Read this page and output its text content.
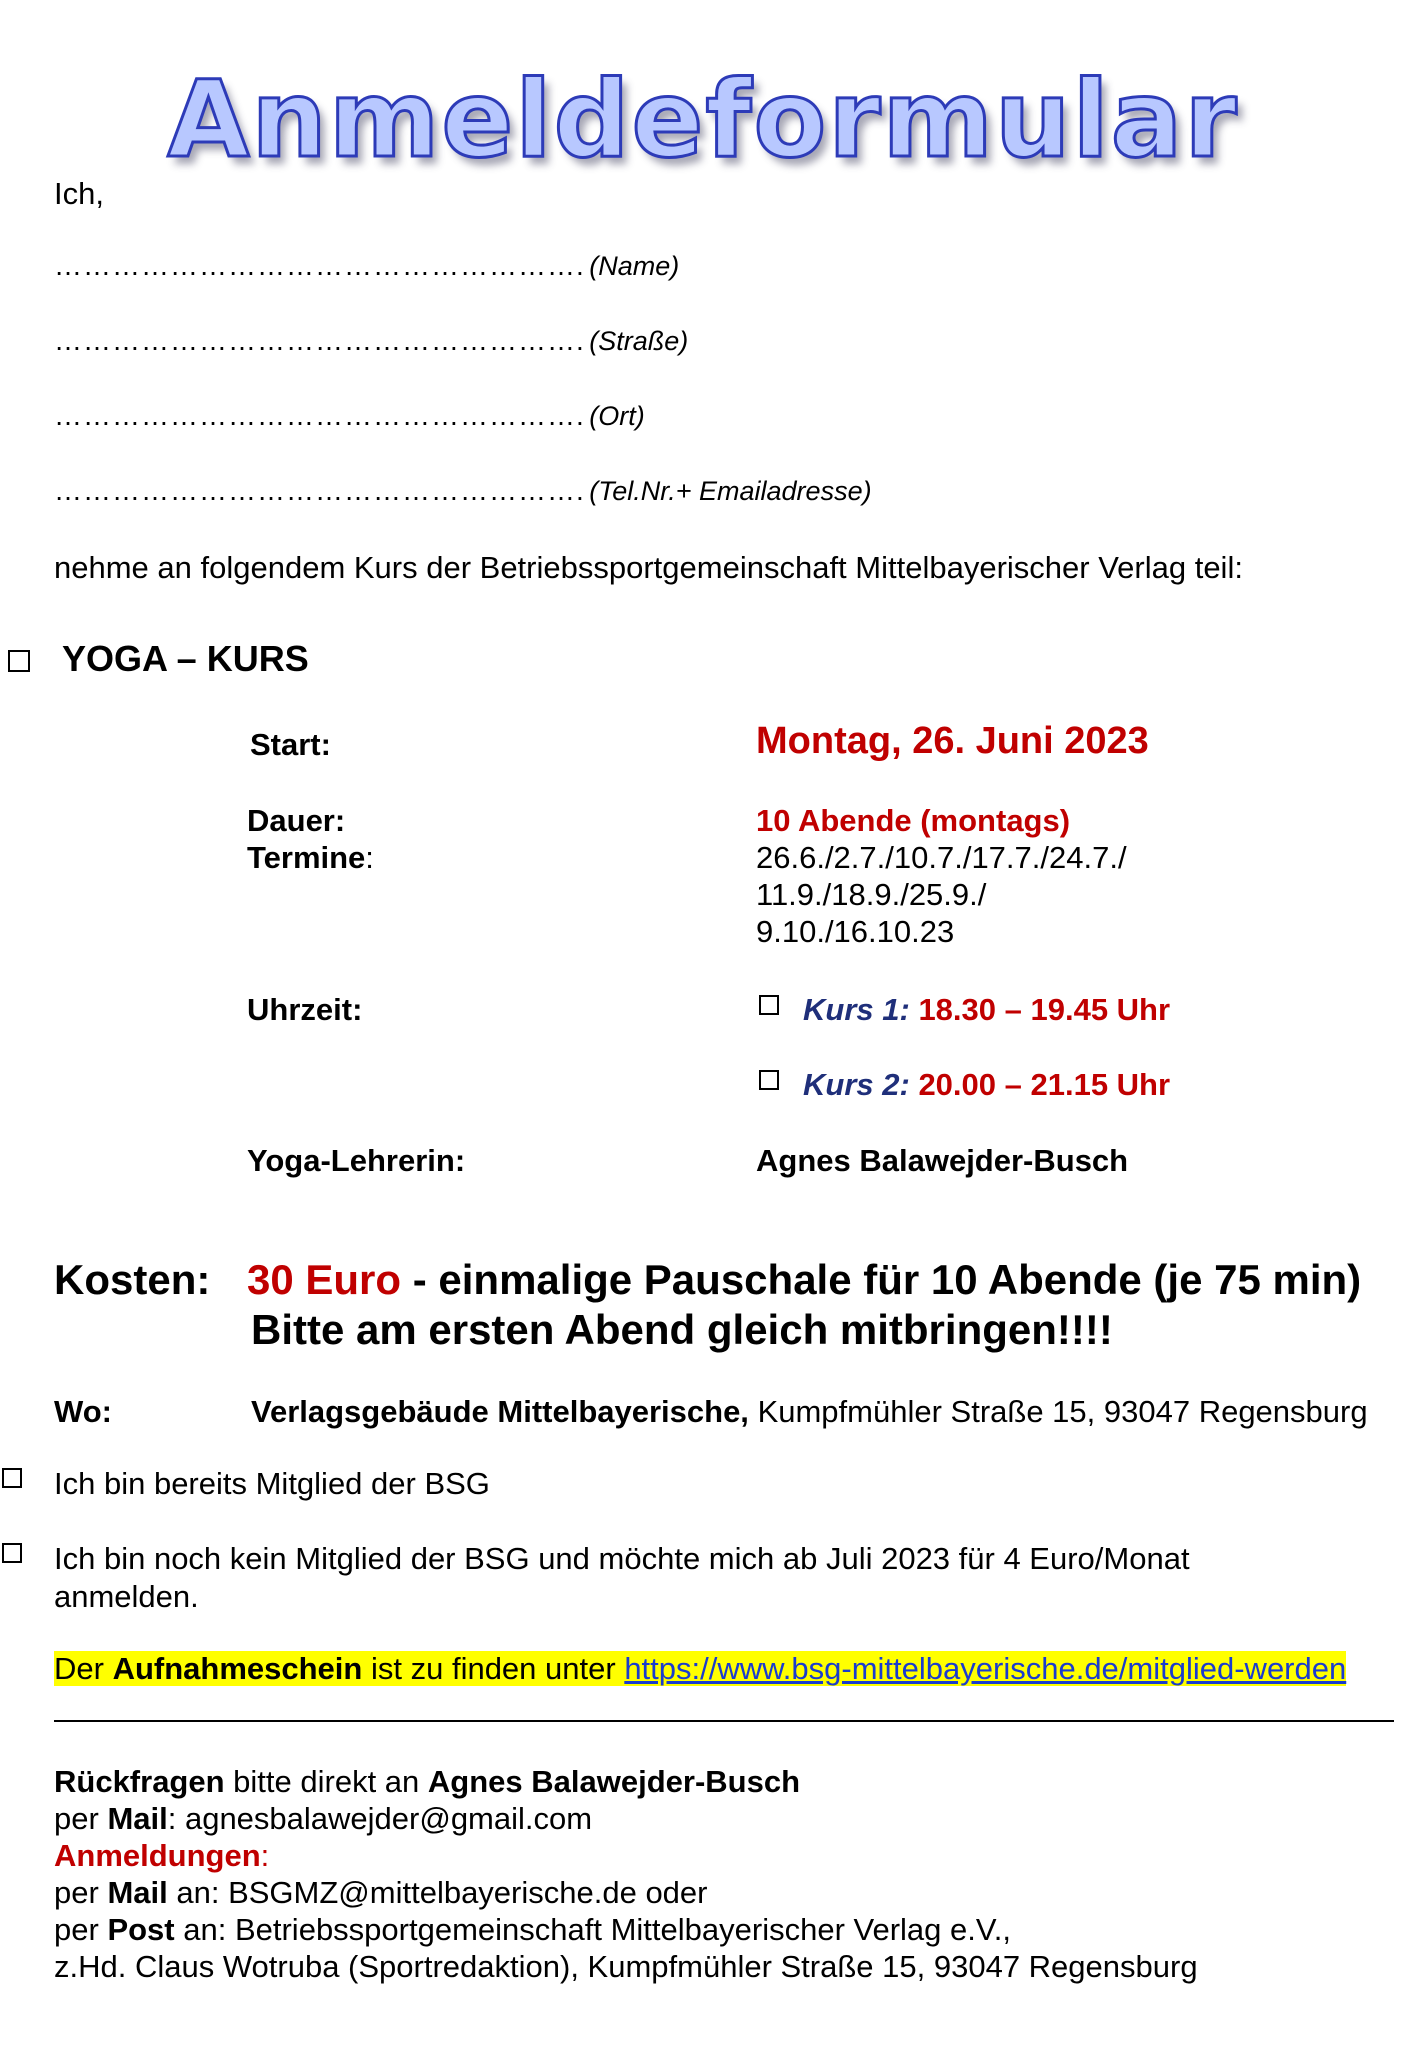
Anmeldeformular
Ich,
………………………………………………. (Name)
………………………………………………. (Straße)
………………………………………………. (Ort)
………………………………………………. (Tel.Nr.+ Emailadresse)
nehme an folgendem Kurs der Betriebssportgemeinschaft Mittelbayerischer Verlag teil:
YOGA – KURS
Start:	Montag, 26. Juni 2023
Dauer:	10 Abende (montags)
Termine:	26.6./2.7./10.7./17.7./24.7./
11.9./18.9./25.9./
9.10./16.10.23
Uhrzeit:	Kurs 1: 18.30 – 19.45 Uhr
Kurs 2: 20.00 – 21.15 Uhr
Yoga-Lehrerin:	Agnes Balawejder-Busch
Kosten: 30 Euro - einmalige Pauschale für 10 Abende (je 75 min)
Bitte am ersten Abend gleich mitbringen!!!!
Wo:	Verlagsgebäude Mittelbayerische, Kumpfmühler Straße 15, 93047 Regensburg
Ich bin bereits Mitglied der BSG
Ich bin noch kein Mitglied der BSG und möchte mich ab Juli 2023 für 4 Euro/Monat
anmelden.
Der Aufnahmeschein ist zu finden unter https://www.bsg-mittelbayerische.de/mitglied-werden
Rückfragen bitte direkt an Agnes Balawejder-Busch
per Mail: agnesbalawejder@gmail.com
Anmeldungen:
per Mail an: BSGMZ@mittelbayerische.de oder
per Post an: Betriebssportgemeinschaft Mittelbayerischer Verlag e.V.,
z.Hd. Claus Wotruba (Sportredaktion), Kumpfmühler Straße 15, 93047 Regensburg
